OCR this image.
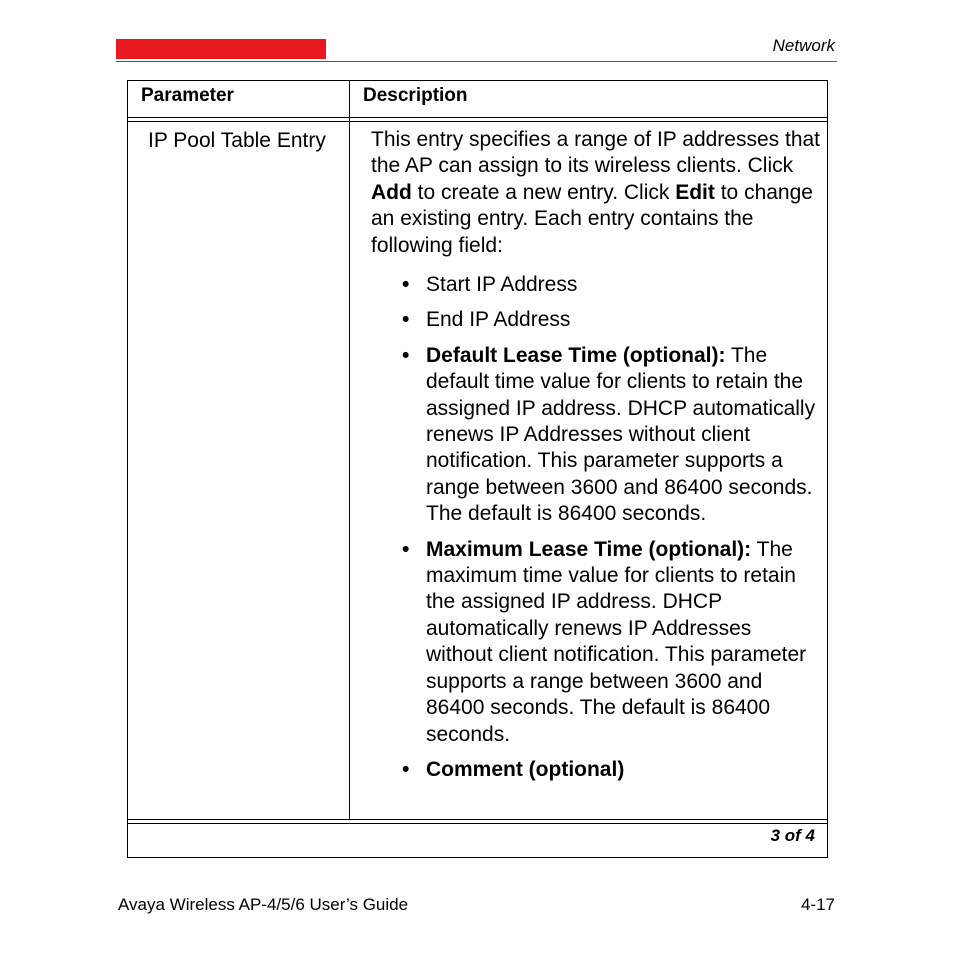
Network
Parameter	Description
IP Pool Table Entry	This entry specifies a range of IP addresses that the AP can assign to its wireless clients. Click Add to create a new entry. Click Edit to change an existing entry. Each entry contains the following field:
• Start IP Address
• End IP Address
• Default Lease Time (optional): The default time value for clients to retain the assigned IP address. DHCP automatically renews IP Addresses without client notification. This parameter supports a range between 3600 and 86400 seconds. The default is 86400 seconds.
• Maximum Lease Time (optional): The maximum time value for clients to retain the assigned IP address. DHCP automatically renews IP Addresses without client notification. This parameter supports a range between 3600 and 86400 seconds. The default is 86400 seconds.
• Comment (optional)
3 of 4
Avaya Wireless AP-4/5/6 User’s Guide	4-17
